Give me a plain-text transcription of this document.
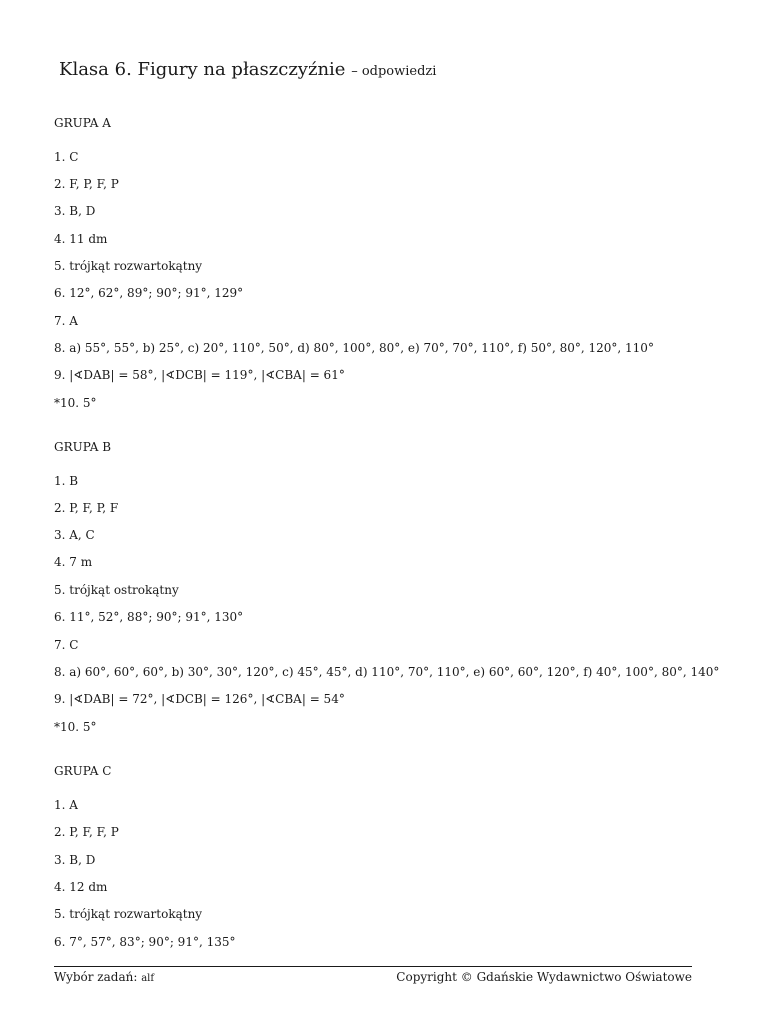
Klasa 6. Figury na płaszczyźnie – odpowiedzi
GRUPA A
1. C
2. F, P, F, P
3. B, D
4. 11 dm
5. trójkąt rozwartokątny
6. 12°, 62°, 89°; 90°; 91°, 129°
7. A
8. a) 55°, 55°, b) 25°, c) 20°, 110°, 50°, d) 80°, 100°, 80°, e) 70°, 70°, 110°, f) 50°, 80°, 120°, 110°
9. |∢DAB| = 58°, |∢DCB| = 119°, |∢CBA| = 61°
*10. 5°
GRUPA B
1. B
2. P, F, P, F
3. A, C
4. 7 m
5. trójkąt ostrokątny
6. 11°, 52°, 88°; 90°; 91°, 130°
7. C
8. a) 60°, 60°, 60°, b) 30°, 30°, 120°, c) 45°, 45°, d) 110°, 70°, 110°, e) 60°, 60°, 120°, f) 40°, 100°, 80°, 140°
9. |∢DAB| = 72°, |∢DCB| = 126°, |∢CBA| = 54°
*10. 5°
GRUPA C
1. A
2. P, F, F, P
3. B, D
4. 12 dm
5. trójkąt rozwartokątny
6. 7°, 57°, 83°; 90°; 91°, 135°
Wybór zadań: alf	Copyright © Gdańskie Wydawnictwo Oświatowe
